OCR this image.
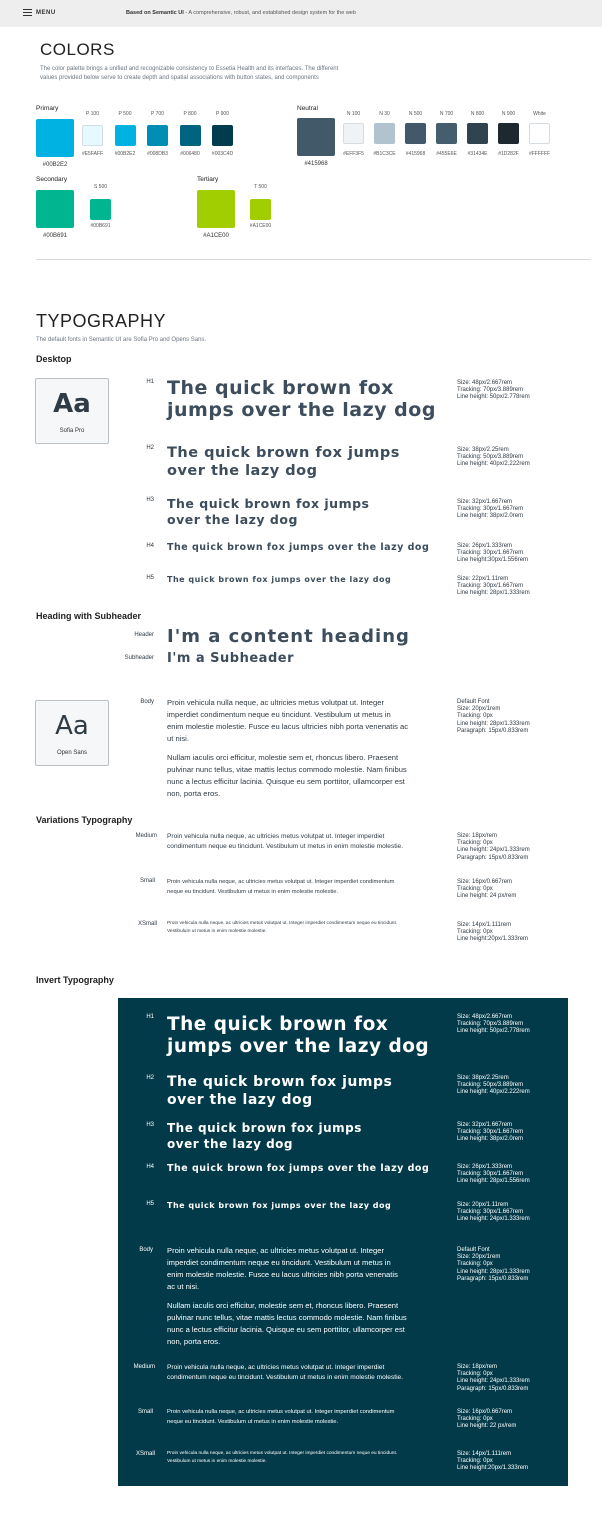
MENU	Based on Semantic UI - A comprehensive, robust, and established design system for the web
COLORS
The color palette brings a unified and recognizable consistency to Essetia Health and its interfaces. The different values provided below serve to create depth and spatial associations with button states, and components
Primary	Neutral
Secondary	Tertiary
#00B2E2
P 100
#E5FAFF
P 500
#00B2E2
P 700
#008DB3
P 800
#006480
P 900
#003C4D
#415968
N 100
#EFF3F5
N 30
#B1C3CE
N 500
#415968
N 700
#455E6E
N 800
#31434E
N 900
#1D282F
White
#FFFFFF
#00B691
S 500
#00B691
#A1CE00
T 500
#A1CE00
TYPOGRAPHY
The default fonts in Semantic UI are Sofia Pro and Opens Sans.
Desktop
Aa
Sofia Pro
H1 The quick brown fox jumps over the lazy dog
Size: 48px/2.667rem
Tracking: 70px/3.889rem
Line height: 50px/2.778rem
H2 The quick brown fox jumps over the lazy dog
Size: 38px/2.25rem
Tracking: 50px/3.889rem
Line height: 40px/2.222rem
H3 The quick brown fox jumps over the lazy dog
Size: 32px/1.667rem
Tracking: 30px/1.667rem
Line height: 38px/2.0rem
H4 The quick brown fox jumps over the lazy dog	Size: 26px/1.333rem
Tracking: 30px/1.667rem
Line height:30px/1.556rem
H5 The quick brown fox jumps over the lazy dog	Size: 22px/1.11rem
Tracking: 30px/1.667rem
Line height: 28px/1.333rem
Heading with Subheader
Header I'm a content heading
Subheader I'm a Subheader
Aa
Open Sans
Body Proin vehicula nulla neque, ac ultricies metus volutpat ut. Integer imperdiet condimentum neque eu tincidunt. Vestibulum ut metus in enim molestie molestie. Fusce eu lacus ultricies nibh porta venenatis ac ut nisi.
Nullam iaculis orci efficitur, molestie sem et, rhoncus libero. Praesent pulvinar nunc tellus, vitae mattis lectus commodo molestie. Nam finibus nunc a lectus efficitur lacinia. Quisque eu sem porttitor, ullamcorper est non, porta eros.
Default Font
Size: 20px/1rem
Tracking: 0px
Line height: 28px/1.333rem
Paragraph: 15px/0.833rem
Variations Typography
Medium Proin vehicula nulla neque, ac ultricies metus volutpat ut. Integer imperdiet condimentum neque eu tincidunt. Vestibulum ut metus in enim molestie molestie.
Size: 18px/rem
Tracking: 0px
Line height: 24px/1.333rem
Paragraph: 15px/0.833rem
Small Proin vehicula nulla neque, ac ultricies metus volutpat ut. Integer imperdiet condimentum neque eu tincidunt. Vestibulum ut metus in enim molestie molestie.
Size: 16px/0.667rem
Tracking: 0px
Line height: 24 px/rem
XSmall Proin vehicula nulla neque, ac ultricies metus volutpat ut. Integer imperdiet condimentum neque eu tincidunt. Vestibulum ut metus in enim molestie molestie.
Size: 14px/1.111rem
Tracking: 0px
Line height:20px/1.333rem
Invert Typography
H1 The quick brown fox jumps over the lazy dog
Size: 48px/2.667rem
Tracking: 70px/3.889rem
Line height: 50px/2.778rem
H2 The quick brown fox jumps over the lazy dog
Size: 38px/2.25rem
Tracking: 50px/3.889rem
Line height: 40px/2.222rem
H3 The quick brown fox jumps over the lazy dog
Size: 32px/1.667rem
Tracking: 30px/1.667rem
Line height: 38px/2.0rem
H4 The quick brown fox jumps over the lazy dog	Size: 26px/1.333rem
Tracking: 30px/1.667rem
Line height: 28px/1.556rem
H5 The quick brown fox jumps over the lazy dog	Size: 20px/1.11rem
Tracking: 30px/1.667rem
Line height: 24px/1.333rem
Body Proin vehicula nulla neque, ac ultricies metus volutpat ut. Integer imperdiet condimentum neque eu tincidunt. Vestibulum ut metus in enim molestie molestie. Fusce eu lacus ultricies nibh porta venenatis ac ut nisi.
Nullam iaculis orci efficitur, molestie sem et, rhoncus libero. Praesent pulvinar nunc tellus, vitae mattis lectus commodo molestie. Nam finibus nunc a lectus efficitur lacinia. Quisque eu sem porttitor, ullamcorper est non, porta eros.
Default Font
Size: 20px/1rem
Tracking: 0px
Line height: 28px/1.333rem
Paragraph: 15px/0.833rem
Medium Proin vehicula nulla neque, ac ultricies metus volutpat ut. Integer imperdiet condimentum neque eu tincidunt. Vestibulum ut metus in enim molestie molestie.
Size: 18px/rem
Tracking: 0px
Line height: 24px/1.333rem
Paragraph: 15px/0.833rem
Small Proin vehicula nulla neque, ac ultricies metus volutpat ut. Integer imperdiet condimentum neque eu tincidunt. Vestibulum ut metus in enim molestie molestie.
Size: 16px/0.667rem
Tracking: 0px
Line height: 22 px/rem
XSmall	Proin vehicula nulla neque, ac ultricies metus volutpat ut. Integer imperdiet condimentum neque eu tincidunt. Vestibulum ut metus in enim molestie molestie.
Size: 14px/1.111rem
Tracking: 0px
Line height:20px/1.333rem
